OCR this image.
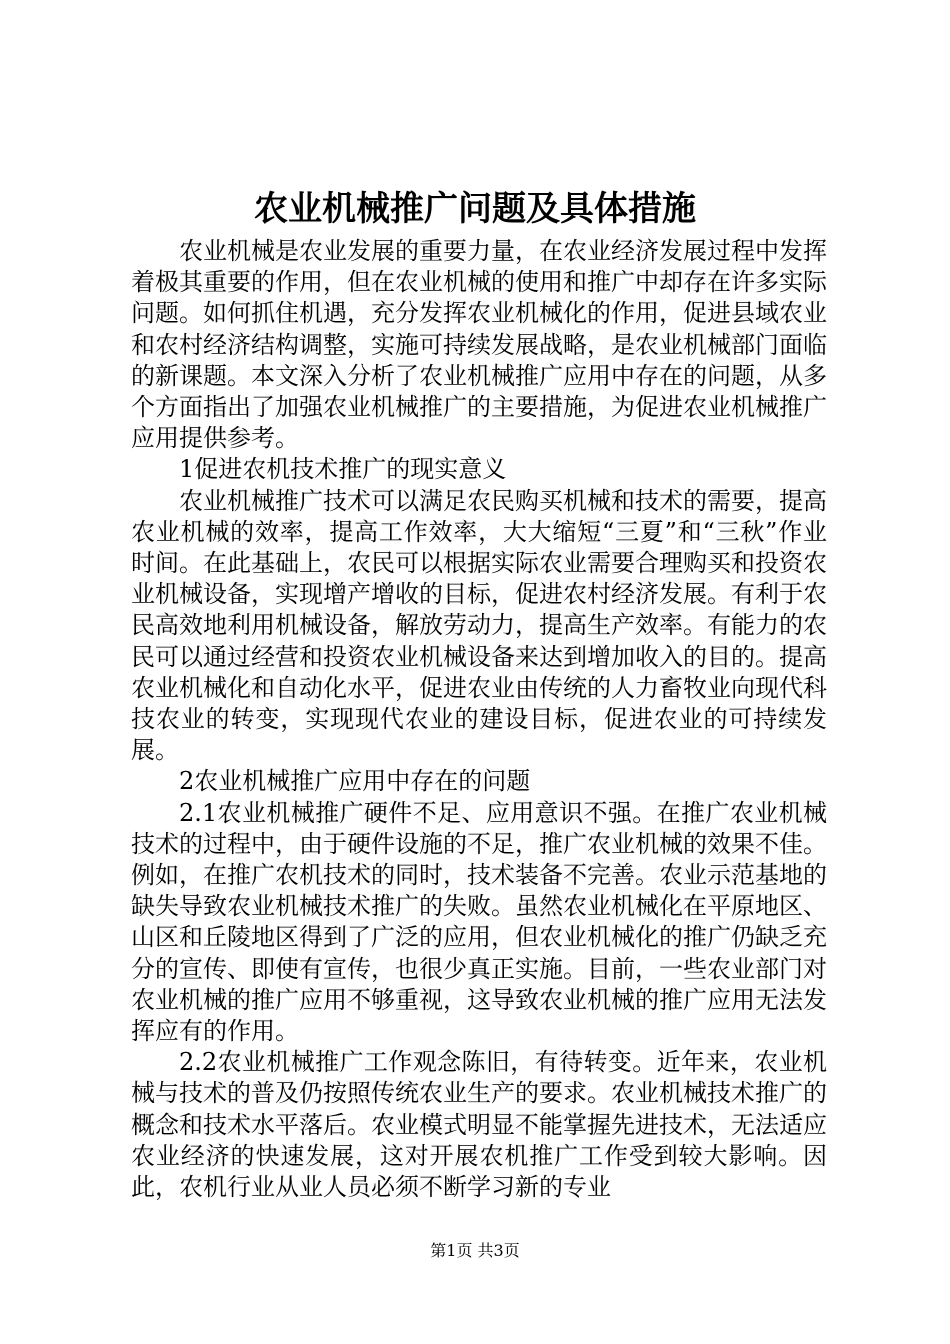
农业机械推广问题及具体措施

农业机械是农业发展的重要力量，在农业经济发展过程中发挥着极其重要的作用，但在农业机械的使用和推广中却存在许多实际问题。如何抓住机遇，充分发挥农业机械化的作用，促进县域农业和农村经济结构调整，实施可持续发展战略，是农业机械部门面临的新课题。本文深入分析了农业机械推广应用中存在的问题，从多个方面指出了加强农业机械推广的主要措施，为促进农业机械推广应用提供参考。

1促进农机技术推广的现实意义

农业机械推广技术可以满足农民购买机械和技术的需要，提高农业机械的效率，提高工作效率，大大缩短“三夏”和“三秋”作业时间。在此基础上，农民可以根据实际农业需要合理购买和投资农业机械设备，实现增产增收的目标，促进农村经济发展。有利于农民高效地利用机械设备，解放劳动力，提高生产效率。有能力的农民可以通过经营和投资农业机械设备来达到增加收入的目的。提高农业机械化和自动化水平，促进农业由传统的人力畜牧业向现代科技农业的转变，实现现代农业的建设目标，促进农业的可持续发展。

2农业机械推广应用中存在的问题

2.1农业机械推广硬件不足、应用意识不强。在推广农业机械技术的过程中，由于硬件设施的不足，推广农业机械的效果不佳。例如，在推广农机技术的同时，技术装备不完善。农业示范基地的缺失导致农业机械技术推广的失败。虽然农业机械化在平原地区、山区和丘陵地区得到了广泛的应用，但农业机械化的推广仍缺乏充分的宣传、即使有宣传，也很少真正实施。目前，一些农业部门对农业机械的推广应用不够重视，这导致农业机械的推广应用无法发挥应有的作用。

2.2农业机械推广工作观念陈旧，有待转变。近年来，农业机械与技术的普及仍按照传统农业生产的要求。农业机械技术推广的概念和技术水平落后。农业模式明显不能掌握先进技术，无法适应农业经济的快速发展，这对开展农机推广工作受到较大影响。因此，农机行业从业人员必须不断学习新的专业

第1页 共3页
